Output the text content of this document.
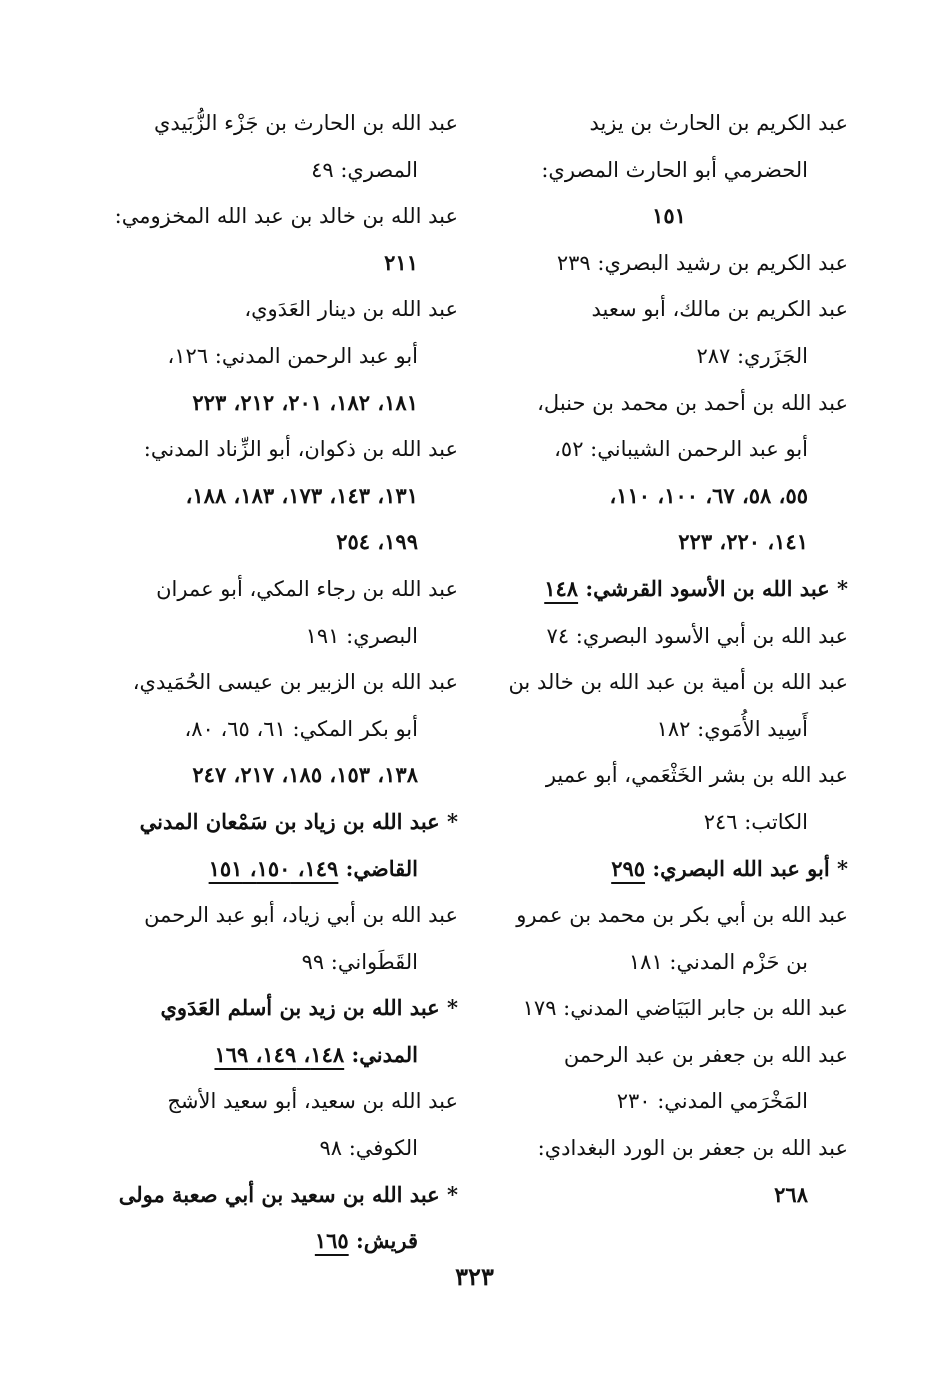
عبد الكريم بن الحارث بن يزيد

الحضرمي أبو الحارث المصري:

١٥١

عبد الكريم بن رشيد البصري: ٢٣٩

عبد الكريم بن مالك، أبو سعيد

الجَزَري: ٢٨٧

عبد الله بن أحمد بن محمد بن حنبل،

أبو عبد الرحمن الشيباني: ٥٢،

٥٥، ٥٨، ٦٧، ١٠٠، ١١٠،

١٤١، ٢٢٠، ٢٢٣

* عبد الله بن الأسود القرشي: ١٤٨

عبد الله بن أبي الأسود البصري: ٧٤

عبد الله بن أمية بن عبد الله بن خالد بن

أَسِيد الأُمَوي: ١٨٢

عبد الله بن بشر الخَثْعَمي، أبو عمير

الكاتب: ٢٤٦

* أبو عبد الله البصري: ٢٩٥

عبد الله بن أبي بكر بن محمد بن عمرو

بن حَزْم المدني: ١٨١

عبد الله بن جابر البَيَاضي المدني: ١٧٩

عبد الله بن جعفر بن عبد الرحمن

المَخْرَمي المدني: ٢٣٠

عبد الله بن جعفر بن الورد البغدادي:

٢٦٨

عبد الله بن الحارث بن جَزْء الزُّبَيدي

المصري: ٤٩

عبد الله بن خالد بن عبد الله المخزومي:

٢١١

عبد الله بن دينار العَدَوي،

أبو عبد الرحمن المدني: ١٢٦،

١٨١، ١٨٢، ٢٠١، ٢١٢، ٢٢٣

عبد الله بن ذكوان، أبو الزِّناد المدني:

١٣١، ١٤٣، ١٧٣، ١٨٣، ١٨٨،

١٩٩، ٢٥٤

عبد الله بن رجاء المكي، أبو عمران

البصري: ١٩١

عبد الله بن الزبير بن عيسى الحُمَيدي،

أبو بكر المكي: ٦١، ٦٥، ٨٠،

١٣٨، ١٥٣، ١٨٥، ٢١٧، ٢٤٧

* عبد الله بن زياد بن سَمْعان المدني

القاضي: ١٤٩، ١٥٠، ١٥١

عبد الله بن أبي زياد، أبو عبد الرحمن

القَطَواني: ٩٩

* عبد الله بن زيد بن أسلم العَدَوي

المدني: ١٤٨، ١٤٩، ١٦٩

عبد الله بن سعيد، أبو سعيد الأشج

الكوفي: ٩٨

* عبد الله بن سعيد بن أبي صعبة مولى

قريش: ١٦٥

٣٢٣
